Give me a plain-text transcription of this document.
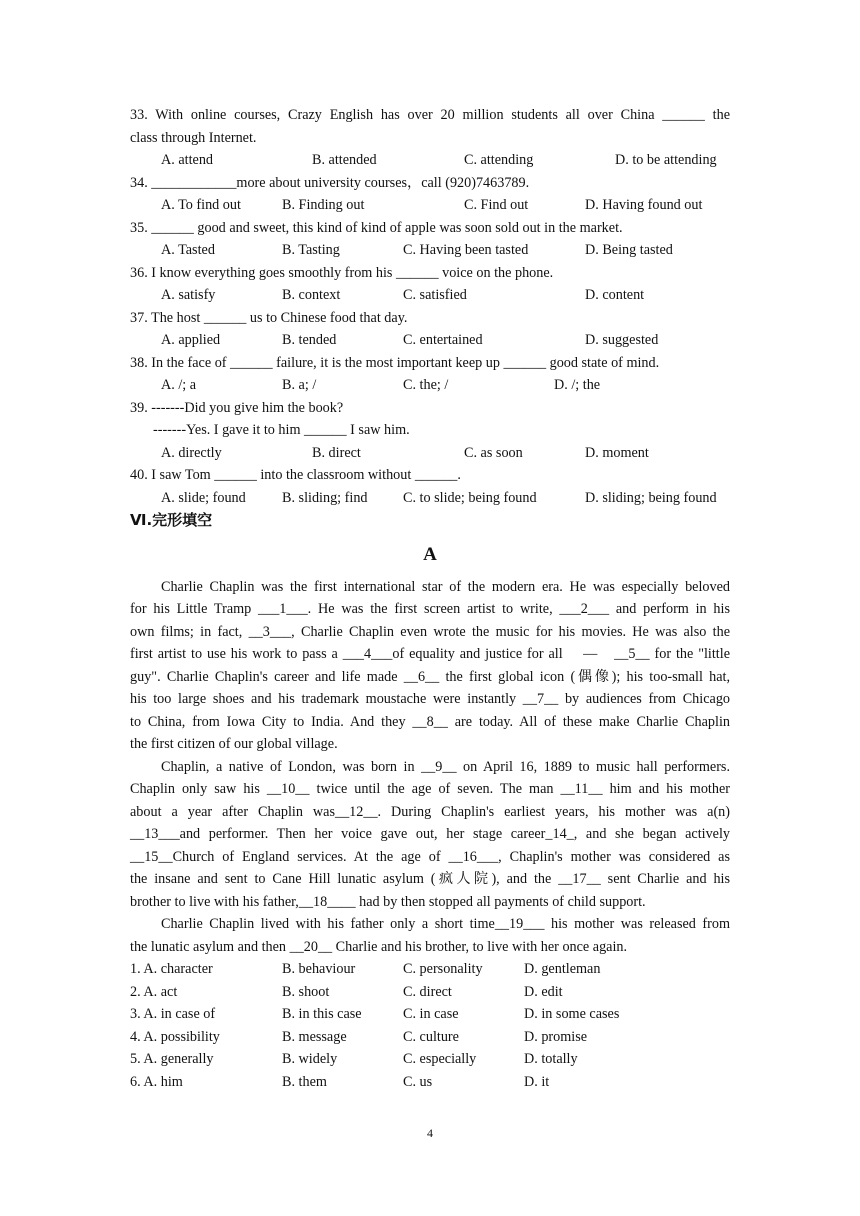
33. With online courses, Crazy English has over 20 million students all over China ______ the
class through Internet.
A. attend	B. attended	C. attending	D. to be attending
34. ____________more about university courses，call (920)7463789.
A. To find out	B. Finding out	C. Find out	D. Having found out
35. ______ good and sweet, this kind of kind of apple was soon sold out in the market.
A. Tasted	B. Tasting	C. Having been tasted	D. Being tasted
36. I know everything goes smoothly from his ______ voice on the phone.
A. satisfy	B. context	C. satisfied	D. content
37. The host ______ us to Chinese food that day.
A. applied	B. tended	C. entertained	D. suggested
38. In the face of ______ failure, it is the most important keep up ______ good state of mind.
A. /; a	B. a; /	C. the; /	D. /; the
39. -------Did you give him the book?
-------Yes. I gave it to him ______ I saw him.
A. directly	B. direct	C. as soon	D. moment
40. I saw Tom ______ into the classroom without ______.
A. slide; found	B. sliding; find C. to slide; being found	D. sliding; being found
Ⅵ.完形填空
A
Charlie Chaplin was the first international star of the modern era. He was especially beloved
for his Little Tramp ___1___. He was the first screen artist to write, ___2___ and perform in his
own films; in fact, __3___, Charlie Chaplin even wrote the music for his movies. He was also the
first artist to use his work to pass a ___4___of equality and justice for all 　—　__5__ for the "little
guy". Charlie Chaplin's career and life made __6__ the first global icon (偶像); his too-small hat,
his too large shoes and his trademark moustache were instantly __7__ by audiences from Chicago
to China, from Iowa City to India. And they __8__ are today. All of these make Charlie Chaplin
the first citizen of our global village.
Chaplin, a native of London, was born in __9__ on April 16, 1889 to music hall performers.
Chaplin only saw his __10__ twice until the age of seven. The man __11__ him and his mother
about a year after Chaplin was__12__. During Chaplin's earliest years, his mother was a(n)
__13___and performer. Then her voice gave out, her stage career_14_, and she began actively
__15__Church of England services. At the age of __16___, Chaplin's mother was considered as
the insane and sent to Cane Hill lunatic asylum (疯人院), and the __17__ sent Charlie and his
brother to live with his father,__18____ had by then stopped all payments of child support.
Charlie Chaplin lived with his father only a short time__19___ his mother was released from
the lunatic asylum and then __20__ Charlie and his brother, to live with her once again.
1. A. character	B. behaviour	C. personality	D. gentleman
2. A. act	B. shoot	C. direct	D. edit
3. A. in case of	B. in this case	C. in case	D. in some cases
4. A. possibility	B. message	C. culture	D. promise
5. A. generally	B. widely	C. especially	D. totally
6. A. him	B. them	C. us	D. it
4
